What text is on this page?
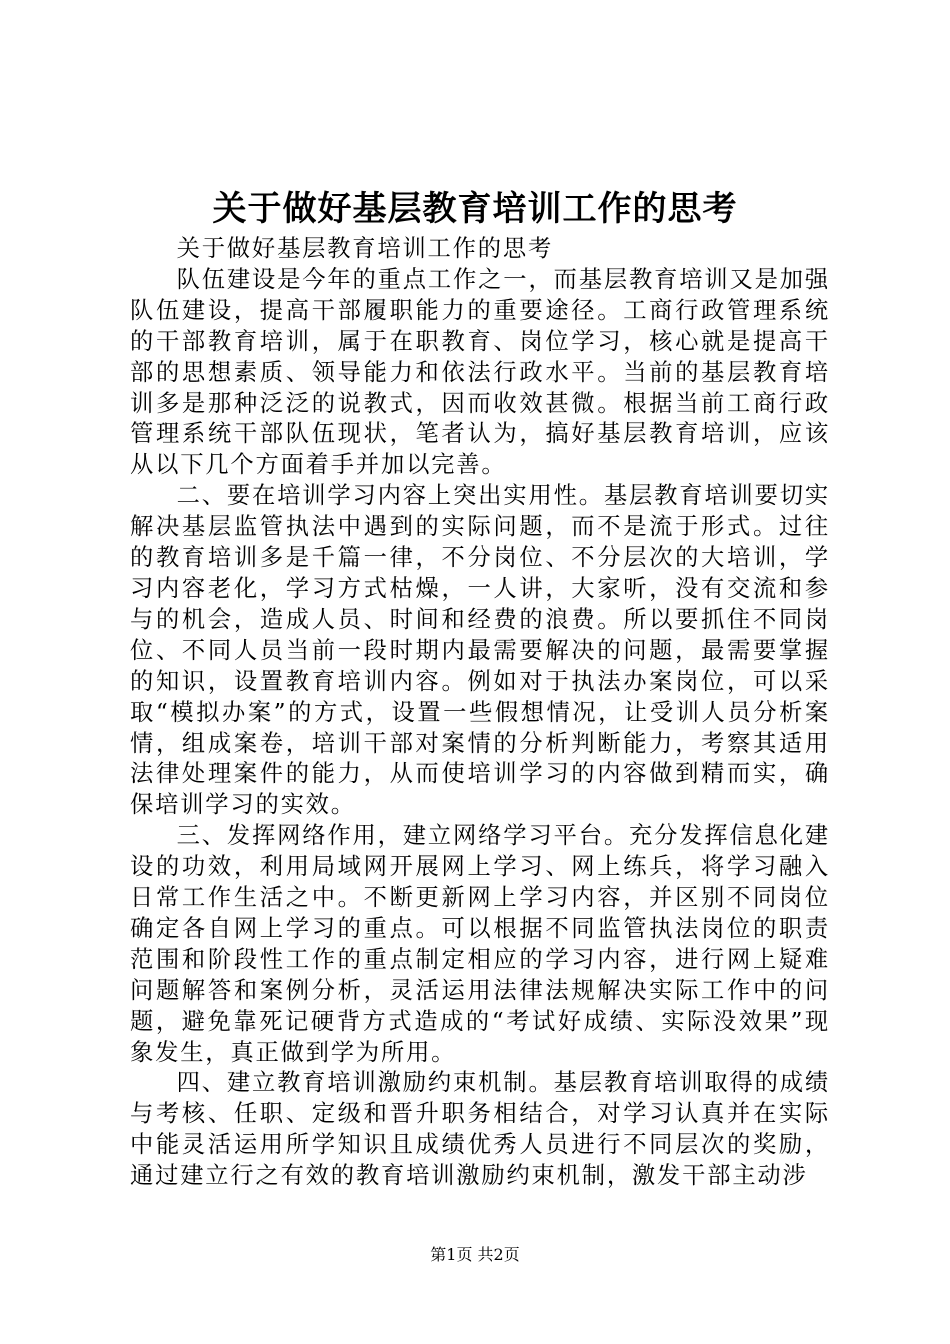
关于做好基层教育培训工作的思考

关于做好基层教育培训工作的思考

队伍建设是今年的重点工作之一，而基层教育培训又是加强队伍建设，提高干部履职能力的重要途径。工商行政管理系统的干部教育培训，属于在职教育、岗位学习，核心就是提高干部的思想素质、领导能力和依法行政水平。当前的基层教育培训多是那种泛泛的说教式，因而收效甚微。根据当前工商行政管理系统干部队伍现状，笔者认为，搞好基层教育培训，应该从以下几个方面着手并加以完善。

二、要在培训学习内容上突出实用性。基层教育培训要切实解决基层监管执法中遇到的实际问题，而不是流于形式。过往的教育培训多是千篇一律，不分岗位、不分层次的大培训，学习内容老化，学习方式枯燥，一人讲，大家听，没有交流和参与的机会，造成人员、时间和经费的浪费。所以要抓住不同岗位、不同人员当前一段时期内最需要解决的问题，最需要掌握的知识，设置教育培训内容。例如对于执法办案岗位，可以采取“模拟办案”的方式，设置一些假想情况，让受训人员分析案情，组成案卷，培训干部对案情的分析判断能力，考察其适用法律处理案件的能力，从而使培训学习的内容做到精而实，确保培训学习的实效。

三、发挥网络作用，建立网络学习平台。充分发挥信息化建设的功效，利用局域网开展网上学习、网上练兵，将学习融入日常工作生活之中。不断更新网上学习内容，并区别不同岗位确定各自网上学习的重点。可以根据不同监管执法岗位的职责范围和阶段性工作的重点制定相应的学习内容，进行网上疑难问题解答和案例分析，灵活运用法律法规解决实际工作中的问题，避免靠死记硬背方式造成的“考试好成绩、实际没效果”现象发生，真正做到学为所用。

四、建立教育培训激励约束机制。基层教育培训取得的成绩与考核、任职、定级和晋升职务相结合，对学习认真并在实际中能灵活运用所学知识且成绩优秀人员进行不同层次的奖励，通过建立行之有效的教育培训激励约束机制，激发干部主动涉

第1页 共2页
